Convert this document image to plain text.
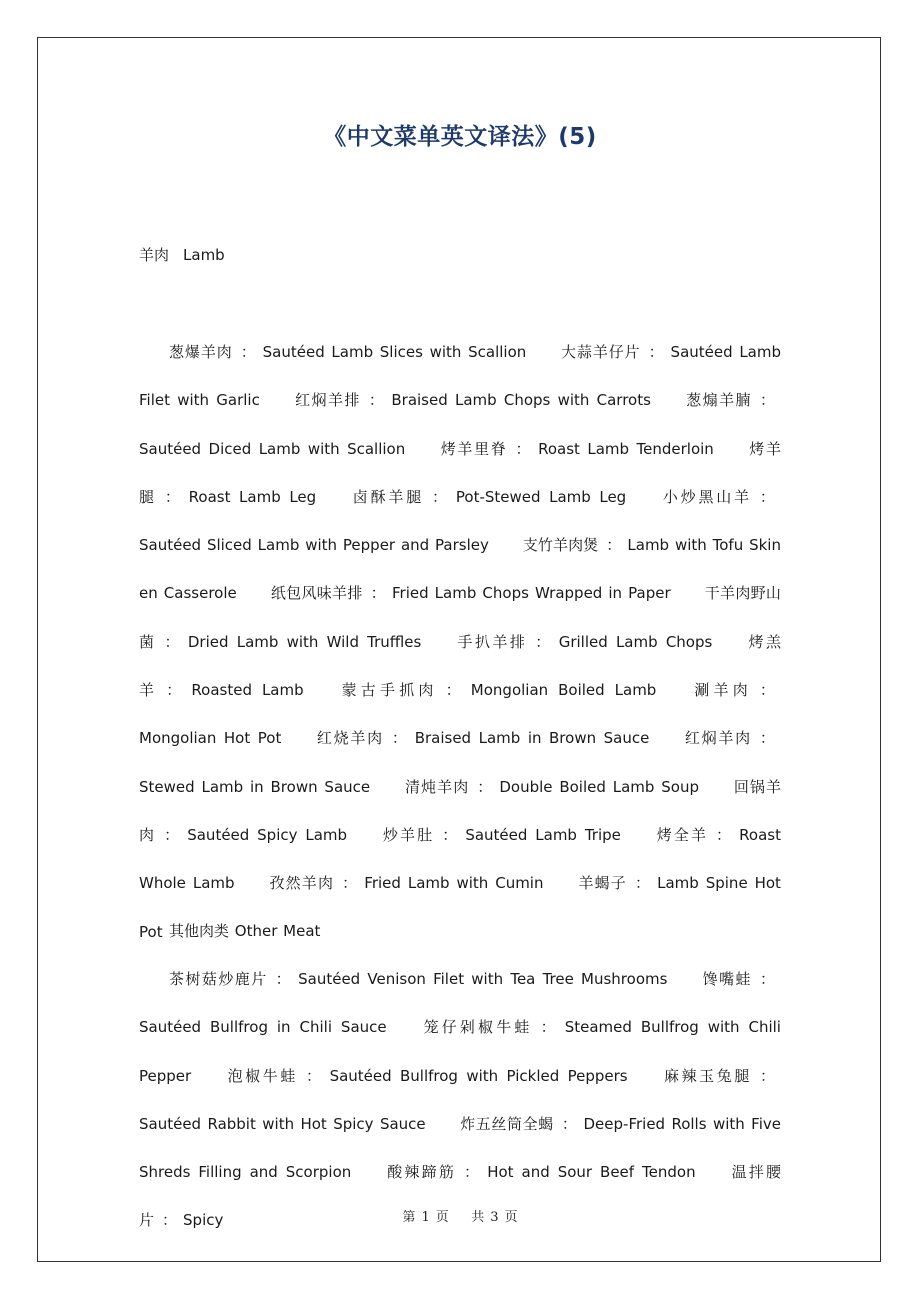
《中文菜单英文译法》(5)

羊肉 Lamb

葱爆羊肉 ： Sautéed Lamb Slices with Scallion 大蒜羊仔片 ： Sautéed Lamb Filet with Garlic 红焖羊排 ： Braised Lamb Chops with Carrots 葱煽羊腩 ：Sautéed Diced Lamb with Scallion 烤羊里脊 ： Roast Lamb Tenderloin 烤羊腿 ： Roast Lamb Leg 卤酥羊腿 ： Pot-Stewed Lamb Leg 小炒黑山羊 ：Sautéed Sliced Lamb with Pepper and Parsley 支竹羊肉煲 ： Lamb with Tofu Skin en Casserole 纸包风味羊排 ： Fried Lamb Chops Wrapped in Paper 干羊肉野山菌 ： Dried Lamb with Wild Truffles 手扒羊排 ： Grilled Lamb Chops 烤羔羊 ： Roasted Lamb	蒙古手抓肉 ： Mongolian Boiled Lamb	涮羊肉 ：Mongolian Hot Pot 红烧羊肉 ： Braised Lamb in Brown Sauce 红焖羊肉 ：Stewed Lamb in Brown Sauce 清炖羊肉 ： Double Boiled Lamb Soup 回锅羊肉 ： Sautéed Spicy Lamb 炒羊肚 ： Sautéed Lamb Tripe 烤全羊 ： Roast Whole Lamb 孜然羊肉 ： Fried Lamb with Cumin 羊蝎子 ： Lamb Spine Hot Pot 其他肉类 Other Meat

茶树菇炒鹿片 ： Sautéed Venison Filet with Tea Tree Mushrooms 馋嘴蛙 ：Sautéed Bullfrog in Chili Sauce 笼仔剁椒牛蛙 ： Steamed Bullfrog with Chili Pepper 泡椒牛蛙 ： Sautéed Bullfrog with Pickled Peppers 麻辣玉兔腿 ：Sautéed Rabbit with Hot Spicy Sauce 炸五丝筒全蝎 ： Deep-Fried Rolls with Five Shreds Filling and Scorpion 酸辣蹄筋 ： Hot and Sour Beef Tendon 温拌腰片 ： Spicy	第 1 页 共 3 页
